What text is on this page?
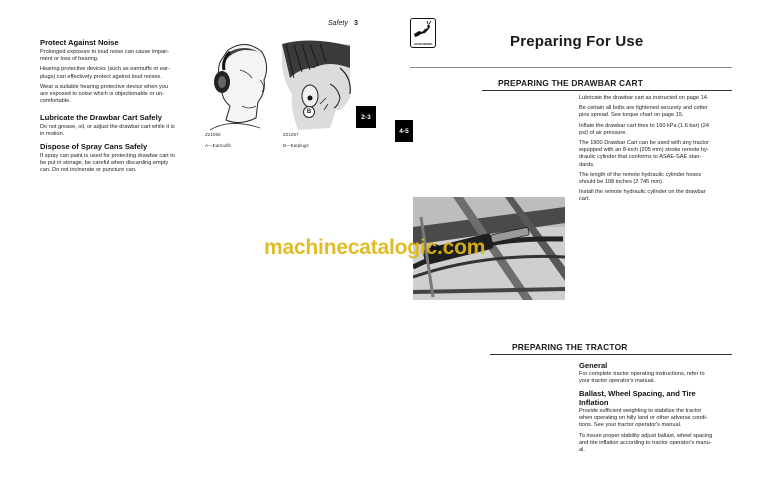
Safety 3
Protect Against Noise
Prolonged exposure to loud noise can cause impair-
ment or loss of hearing.
Hearing protective devices (such as earmuffs or ear-
plugs) can effectively protect against loud noises.
Wear a suitable hearing protective device when you
are exposed to noise which is objectionable or un-
comfortable.
Lubricate the Drawbar Cart Safely
Do not grease, oil, or adjust the drawbar cart while it is
in motion.
Dispose of Spray Cans Safely
If spray can paint is used for protecting drawbar cart to
be put in storage, be careful when discarding empty
can. Do not incinerate or puncture can.
Z21058
A—Earmuffs
B
Z21057
B—Earplugs
2-3
4-5
JOHN DEERE	Preparing For Use
PREPARING THE DRAWBAR CART
Lubricate the drawbar cart as instructed on page 14.
Be certain all bolts are tightened securely and cotter
pins spread. See torque chart on page 15.
Inflate the drawbar cart tires to 160 kPa (1.6 bar) (24
psi) of air pressure.
The 1900 Drawbar Cart can be used with any tractor
equipped with an 8-inch (205 mm) stroke remote hy-
draulic cylinder that conforms to ASAE-SAE stan-
dards.
The length of the remote hydraulic cylinder hoses
should be 108 inches (2 745 mm).
Install the remote hydraulic cylinder on the drawbar
cart.
machinecatalogic.com
PREPARING THE TRACTOR
General
For complete tractor operating instructions, refer to
your tractor operator's manual.
Ballast, Wheel Spacing, and Tire
Inflation
Provide sufficient weighting to stabilize the tractor
when operating on hilly land or other adverse condi-
tions. See your tractor operator's manual.
To insure proper stability adjust ballast, wheel spacing
and tire inflation according to tractor operator's manu-
al.
